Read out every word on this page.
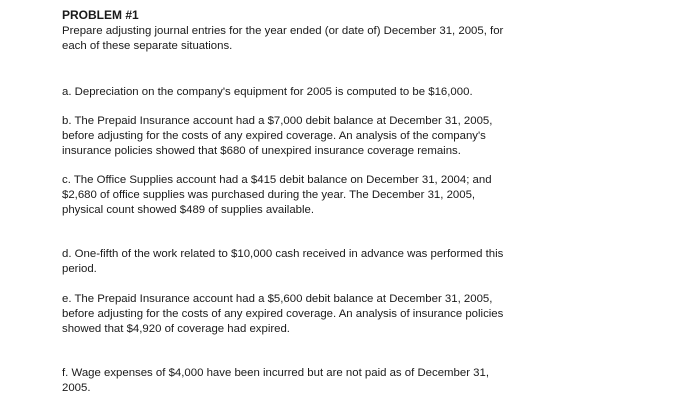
PROBLEM #1

Prepare adjusting journal entries for the year ended (or date of) December 31, 2005, for
each of these separate situations.

a. Depreciation on the company's equipment for 2005 is computed to be $16,000.

b. The Prepaid Insurance account had a $7,000 debit balance at December 31, 2005,
before adjusting for the costs of any expired coverage. An analysis of the company's
insurance policies showed that $680 of unexpired insurance coverage remains.

c. The Office Supplies account had a $415 debit balance on December 31, 2004; and
$2,680 of office supplies was purchased during the year. The December 31, 2005,
physical count showed $489 of supplies available.

d. One-fifth of the work related to $10,000 cash received in advance was performed this
period.

e. The Prepaid Insurance account had a $5,600 debit balance at December 31, 2005,
before adjusting for the costs of any expired coverage. An analysis of insurance policies
showed that $4,920 of coverage had expired.

f. Wage expenses of $4,000 have been incurred but are not paid as of December 31,
2005.
